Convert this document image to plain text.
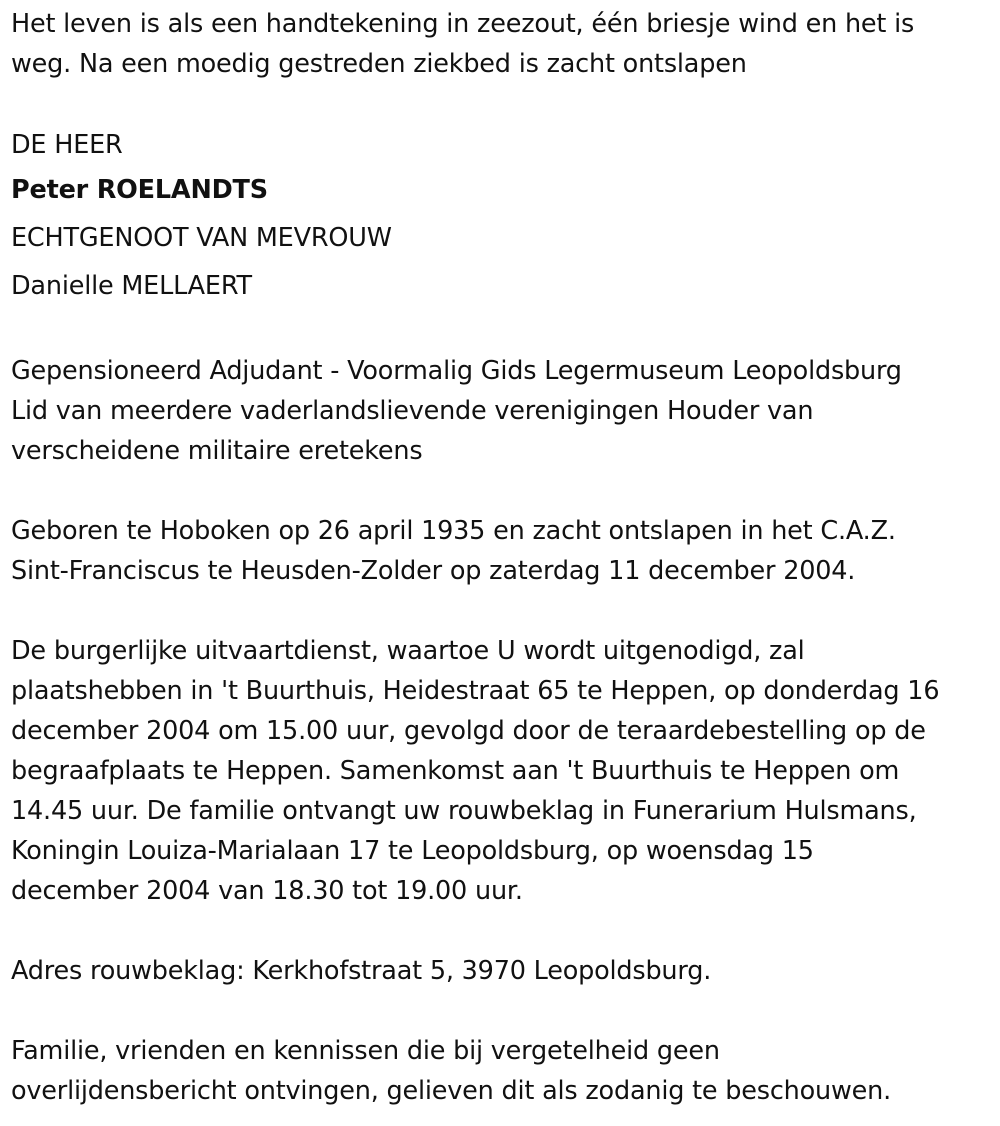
Het leven is als een handtekening in zeezout, één briesje wind en het is
weg. Na een moedig gestreden ziekbed is zacht ontslapen

DE HEER
Peter ROELANDTS
ECHTGENOOT VAN MEVROUW
Danielle MELLAERT

Gepensioneerd Adjudant - Voormalig Gids Legermuseum Leopoldsburg
Lid van meerdere vaderlandslievende verenigingen Houder van
verscheidene militaire eretekens

Geboren te Hoboken op 26 april 1935 en zacht ontslapen in het C.A.Z.
Sint-Franciscus te Heusden-Zolder op zaterdag 11 december 2004.

De burgerlijke uitvaartdienst, waartoe U wordt uitgenodigd, zal
plaatshebben in 't Buurthuis, Heidestraat 65 te Heppen, op donderdag 16
december 2004 om 15.00 uur, gevolgd door de teraardebestelling op de
begraafplaats te Heppen. Samenkomst aan 't Buurthuis te Heppen om
14.45 uur. De familie ontvangt uw rouwbeklag in Funerarium Hulsmans,
Koningin Louiza-Marialaan 17 te Leopoldsburg, op woensdag 15
december 2004 van 18.30 tot 19.00 uur.

Adres rouwbeklag: Kerkhofstraat 5, 3970 Leopoldsburg.

Familie, vrienden en kennissen die bij vergetelheid geen
overlijdensbericht ontvingen, gelieven dit als zodanig te beschouwen.
